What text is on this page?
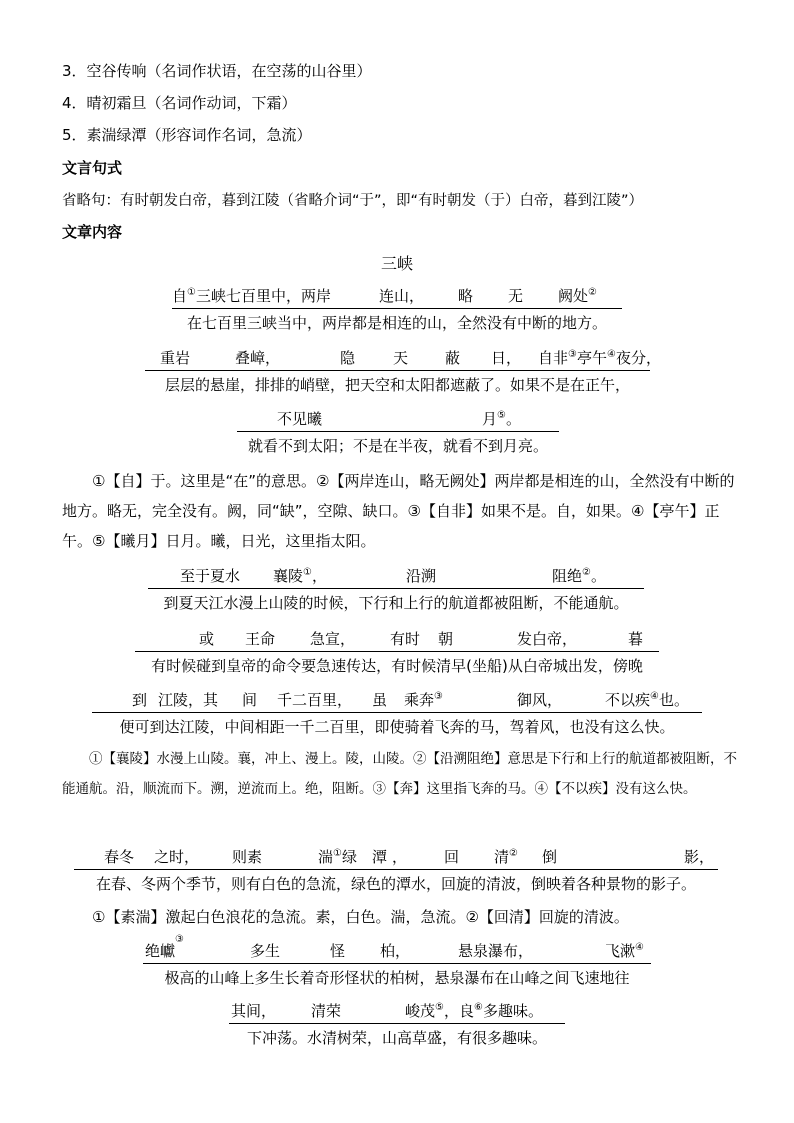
3．空谷传响（名词作状语，在空荡的山谷里）
4．晴初霜旦（名词作动词，下霜）
5．素湍绿潭（形容词作名词，急流）
文言句式
省略句：有时朝发白帝，暮到江陵（省略介词“于”，即“有时朝发（于）白帝，暮到江陵”）
文章内容
三峡
自①三峡七百里中，两岸	连山， 略 无 阙处②
在七百里三峡当中，两岸都是相连的山，全然没有中断的地方。
重岩	叠嶂，	隐	天 蔽 日， 自非③亭午④夜分，
层层的悬崖，排排的峭壁，把天空和太阳都遮蔽了。如果不是在正午，
不见曦	月⑤。
就看不到太阳；不是在半夜，就看不到月亮。
①【自】于。这里是“在”的意思。②【两岸连山，略无阙处】两岸都是相连的山，全然没有中断的地方。略无，完全没有。阙，同“缺”，空隙、缺口。③【自非】如果不是。自，如果。④【亭午】正午。⑤【曦月】日月。曦，日光，这里指太阳。
至于夏水 襄陵①，	沿溯	阻绝②。
到夏天江水漫上山陵的时候，下行和上行的航道都被阻断，不能通航。
或 王命 急宣， 有时 朝	发白帝，	暮
有时候碰到皇帝的命令要急速传达，有时候清早(坐船)从白帝城出发，傍晚
到 江陵，其 间 千二百里， 虽 乘奔③	御风，	不以疾④也。
便可到达江陵，中间相距一千二百里，即使骑着飞奔的马，驾着风，也没有这么快。
①【襄陵】水漫上山陵。襄，冲上、漫上。陵，山陵。②【沿溯阻绝】意思是下行和上行的航道都被阻断，不能通航。沿，顺流而下。溯，逆流而上。绝，阻断。③【奔】这里指飞奔的马。④【不以疾】没有这么快。
春冬 之时， 则素	湍①绿 潭 ， 回 清② 倒	影，
在春、冬两个季节，则有白色的急流，绿色的潭水，回旋的清波，倒映着各种景物的影子。
①【素湍】激起白色浪花的急流。素，白色。湍，急流。②【回清】回旋的清波。
绝巘③
多生	怪 柏，	悬泉瀑布，	飞漱④
极高的山峰上多生长着奇形怪状的柏树，悬泉瀑布在山峰之间飞速地往
其间， 清荣	峻茂⑤，良⑥多趣味。
下冲荡。水清树荣，山高草盛，有很多趣味。
